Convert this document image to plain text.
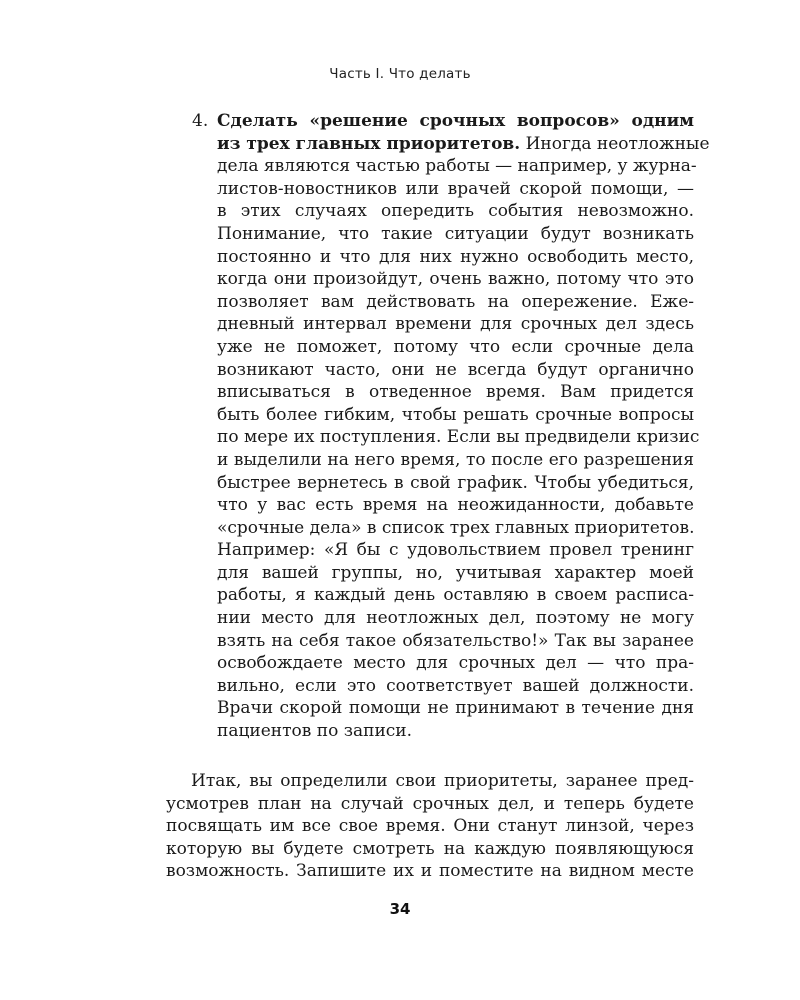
Часть I. Что делать
4. Сделать «решение срочных вопросов» одним
из трех главных приоритетов. Иногда неотложные
дела являются частью работы — например, у журна-
листов-новостников или врачей скорой помощи, —
в этих случаях опередить события невозможно.
Понимание, что такие ситуации будут возникать
постоянно и что для них нужно освободить место,
когда они произойдут, очень важно, потому что это
позволяет вам действовать на опережение. Еже-
дневный интервал времени для срочных дел здесь
уже не поможет, потому что если срочные дела
возникают часто, они не всегда будут органично
вписываться в отведенное время. Вам придется
быть более гибким, чтобы решать срочные вопросы
по мере их поступления. Если вы предвидели кризис
и выделили на него время, то после его разрешения
быстрее вернетесь в свой график. Чтобы убедиться,
что у вас есть время на неожиданности, добавьте
«срочные дела» в список трех главных приоритетов.
Например: «Я бы с удовольствием провел тренинг
для вашей группы, но, учитывая характер моей
работы, я каждый день оставляю в своем расписа-
нии место для неотложных дел, поэтому не могу
взять на себя такое обязательство!» Так вы заранее
освобождаете место для срочных дел — что пра-
вильно, если это соответствует вашей должности.
Врачи скорой помощи не принимают в течение дня
пациентов по записи.
Итак, вы определили свои приоритеты, заранее пред-
усмотрев план на случай срочных дел, и теперь будете
посвящать им все свое время. Они станут линзой, через
которую вы будете смотреть на каждую появляющуюся
возможность. Запишите их и поместите на видном месте
34
